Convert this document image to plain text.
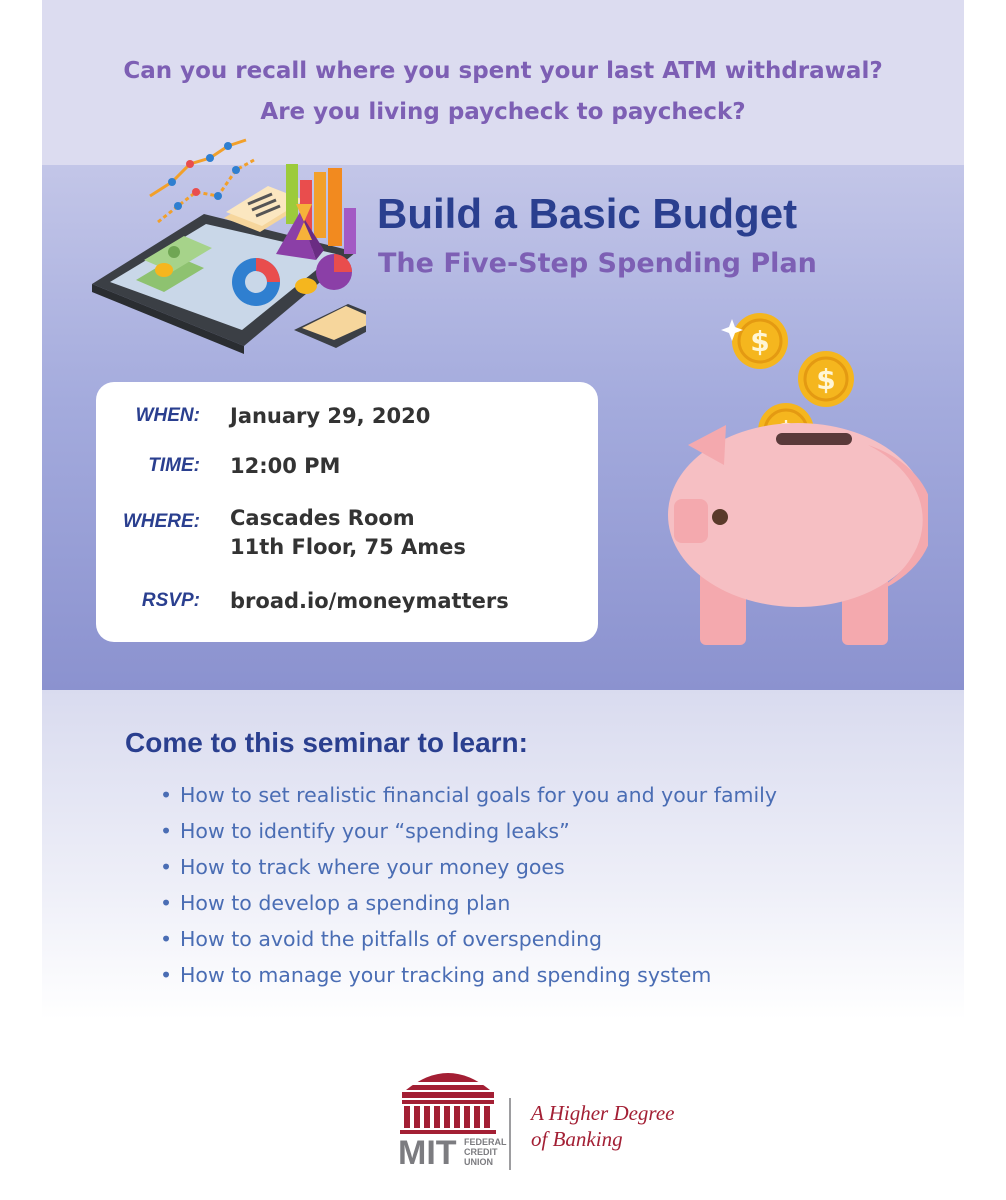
Can you recall where you spent your last ATM withdrawal?
Are you living paycheck to paycheck?
Build a Basic Budget
The Five-Step Spending Plan
$
$
WHEN: January 29, 2020
TIME: 12:00 PM
WHERE: Cascades Room
11th Floor, 75 Ames
RSVP: broad.io/moneymatters
Come to this seminar to learn:
• How to set realistic financial goals for you and your family
• How to identify your “spending leaks”
• How to track where your money goes
• How to develop a spending plan
• How to avoid the pitfalls of overspending
• How to manage your tracking and spending system
MIT FEDERAL
CREDIT
UNION
A Higher Degree
of Banking
